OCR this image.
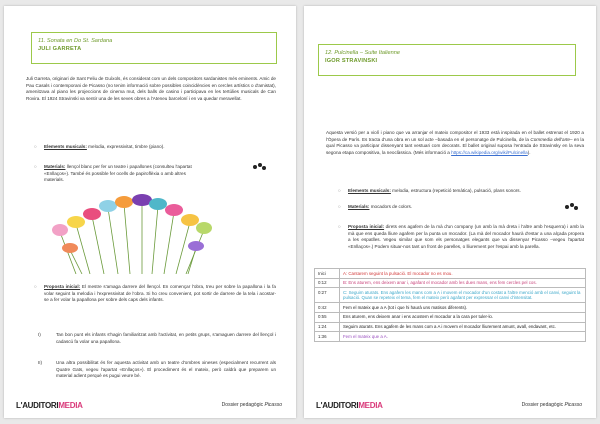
11. Sonata en Do St. Sardana
JULI GARRETA
Juli Garreta, originari de Sant Feliu de Guíxols, és considerat com un dels compositors sardanistes més eminents. Amic de Pau Casals i contemporani de Picasso (no tenim informació sobre possibles coincidències en cercles artístics o d'amistat), amenitzava al piano les projeccions de cinema mut, dels balls de casino i participava en les tertúlies musicals de Can Rovira. El 1924 Stravinski va sentir una de les seves obres a l'Ateneu barceloní i en va quedar meravellat.
○ Elements musicals: melodia, expressivitat, timbre (piano).
○ Materials: llençol blanc per fer un teatre i papallones (consulteu l'apartat «Enllaços»). També és possible fer ocells de papiroflèxia o amb altres materials.
○ Proposta inicial: El mestre s'amaga darrere del llençol. En començar l'obra, treu per sobre la papallona i la fa volar seguint la melodia i l'expressivitat de l'obra. Si ho creu convenient, pot sortir de darrere de la tela i acostar-se a fer volar la papallona per sobre dels caps dels infants.
I)	Tan bon punt els infants s'hagin familiaritzat amb l'activitat, en petits grups, s'amaguen darrere del llençol i cadascú fa volar una papallona.
II)	Una altra possibilitat és fer aquesta activitat amb un teatre d'ombres xineses (especialment recurrent als Quatre Gats, vegeu l'apartat «Enllaços»). El procediment és el mateix, però caldrà que preparem un material adient perquè es pugui veure bé.
L'AUDITORIMEDIA	Dossier pedagògic Picasso
12. Pulcinella – Suite Italienne
IGOR STRAVINSKI
Aquesta versió per a violí i piano que va arranjar el mateix compositor el 1933 està inspirada en el ballet estrenat el 1920 a l'Òpera de París. Es tracta d'una obra en un sol acte –basada en el personatge de Pulcinella, de la Commedia dell'arte– en la qual Picasso va participar dissenyant tant vestuari com decorats. El ballet original suposa l'entrada de Stravinsky en la seva segona etapa compositiva, la neoclàssica. (Més informació a https://ca.wikipedia.org/wiki/Pulcinella).
○ Elements musicals: melodia, estructura (repetició temàtica), pulsació, plans sonors.
○ Materials: mocadors de colors.
○ Proposta inicial: direts ens agafem de la mà d'un company (un amb la mà dreta i l'altre amb l'esquerra) i amb la mà que ens queda lliure agafem per la punta un mocador. (La mà del mocador haurà d'estar a una alçada propera a les espatlles. Vegeu similar que som els personatges elegants que va dissenyar Picasso –vegeu l'apartat «Enllaços».) Podem situar-nos tant un front de parelles, o lliurement per l'espai amb la parella.
Inici	A: Cantarem seguint la pulsació. El mocador no es mou.
0:12	B: Ens aturem, ens deixem anar i, agafant el mocador amb les dues mans, ens fem cercles pel cos.
0:27	C: Seguim aturats. Ens agafem les mans com a A i movem el mocador d'un costat a l'altre menció amb el canvi, seguint la pulsació. Quan se repeteix el tema, fem el mateix però agafant per expressar el canvi d'intensitat.
0:42	Fem el mateix que a A (tot i que hi haurà uns matisos diferents).
0:55	Ens aturem, ens deixem anar i ens acostem el mocador a la cara per tuler-lo.
1:24	Seguim aturats. Ens agafem de les mans com a A i movem el mocador lliurement amunt, avall, endavant, etc.
1:36	Fem el mateix que a A.
L'AUDITORIMEDIA	Dossier pedagògic Picasso
